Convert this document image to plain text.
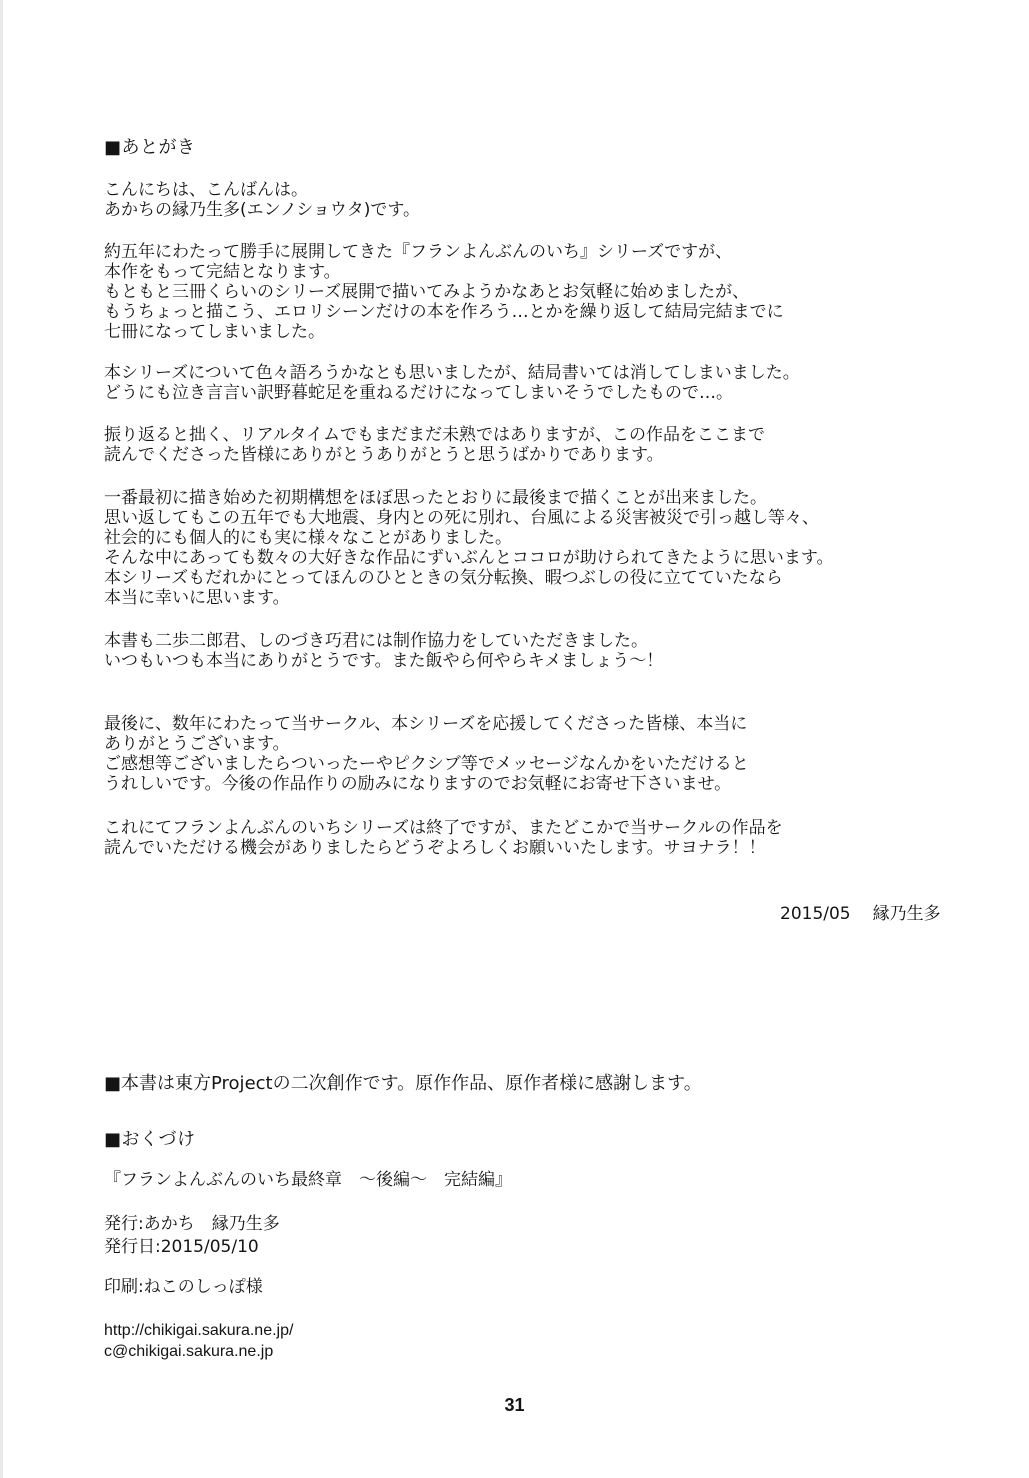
■あとがき
こんにちは、こんばんは。
あかちの縁乃生多(エンノショウタ)です。
約五年にわたって勝手に展開してきた『フランよんぶんのいち』シリーズですが、
本作をもって完結となります。
もともと三冊くらいのシリーズ展開で描いてみようかなあとお気軽に始めましたが、
もうちょっと描こう、エロリシーンだけの本を作ろう…とかを繰り返して結局完結までに
七冊になってしまいました。
本シリーズについて色々語ろうかなとも思いましたが、結局書いては消してしまいました。
どうにも泣き言言い訳野暮蛇足を重ねるだけになってしまいそうでしたもので…。
振り返ると拙く、リアルタイムでもまだまだ未熟ではありますが、この作品をここまで
読んでくださった皆様にありがとうありがとうと思うばかりであります。
一番最初に描き始めた初期構想をほぼ思ったとおりに最後まで描くことが出来ました。
思い返してもこの五年でも大地震、身内との死に別れ、台風による災害被災で引っ越し等々、
社会的にも個人的にも実に様々なことがありました。
そんな中にあっても数々の大好きな作品にずいぶんとココロが助けられてきたように思います。
本シリーズもだれかにとってほんのひとときの気分転換、暇つぶしの役に立てていたなら
本当に幸いに思います。
本書も二歩二郎君、しのづき巧君には制作協力をしていただきました。
いつもいつも本当にありがとうです。また飯やら何やらキメましょう～！
最後に、数年にわたって当サークル、本シリーズを応援してくださった皆様、本当に
ありがとうございます。
ご感想等ございましたらついったーやピクシブ等でメッセージなんかをいただけると
うれしいです。今後の作品作りの励みになりますのでお気軽にお寄せ下さいませ。
これにてフランよんぶんのいちシリーズは終了ですが、またどこかで当サークルの作品を
読んでいただける機会がありましたらどうぞよろしくお願いいたします。サヨナラ！！
2015/05 縁乃生多
■本書は東方Projectの二次創作です。原作作品、原作者様に感謝します。
■おくづけ
『フランよんぶんのいち最終章　～後編～　完結編』
発行:あかち　縁乃生多
発行日:2015/05/10
印刷:ねこのしっぽ様
http://chikigai.sakura.ne.jp/
c@chikigai.sakura.ne.jp
31
